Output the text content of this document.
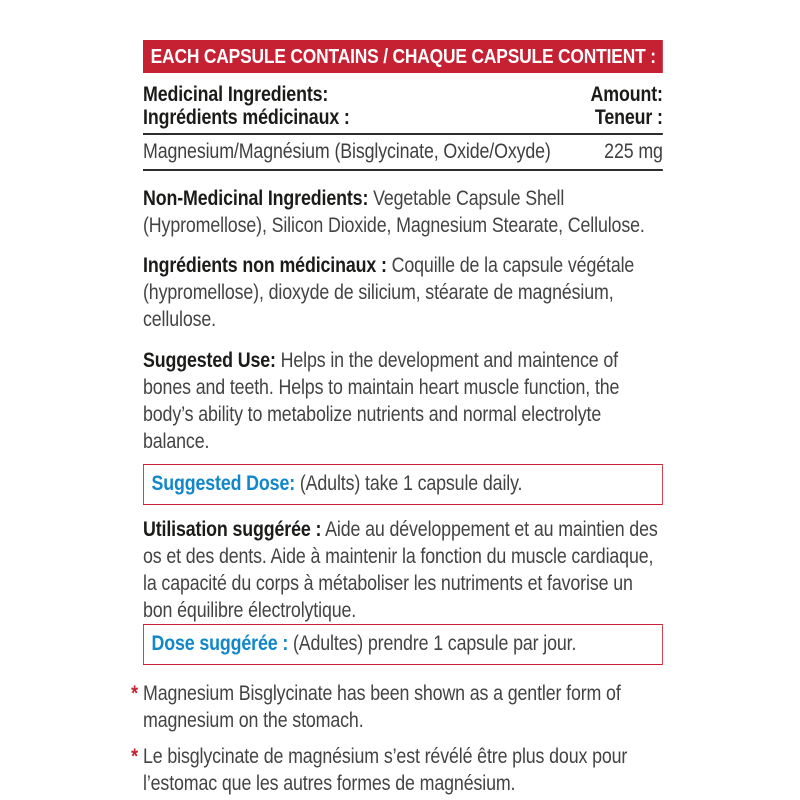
EACH CAPSULE CONTAINS / CHAQUE CAPSULE CONTIENT :
Medicinal Ingredients:
Ingrédients médicinaux :
Amount:
Teneur :
Magnesium/Magnésium (Bisglycinate, Oxide/Oxyde)	225 mg

Non-Medicinal Ingredients: Vegetable Capsule Shell (Hypromellose), Silicon Dioxide, Magnesium Stearate, Cellulose.

Ingrédients non médicinaux : Coquille de la capsule végétale (hypromellose), dioxyde de silicium, stéarate de magnésium, cellulose.

Suggested Use: Helps in the development and maintence of bones and teeth. Helps to maintain heart muscle function, the body’s ability to metabolize nutrients and normal electrolyte balance.

Suggested Dose: (Adults) take 1 capsule daily.

Utilisation suggérée : Aide au développement et au maintien des os et des dents. Aide à maintenir la fonction du muscle cardiaque, la capacité du corps à métaboliser les nutriments et favorise un bon équilibre électrolytique.

Dose suggérée : (Adultes) prendre 1 capsule par jour.

* Magnesium Bisglycinate has been shown as a gentler form of magnesium on the stomach.

* Le bisglycinate de magnésium s’est révélé être plus doux pour l’estomac que les autres formes de magnésium.
